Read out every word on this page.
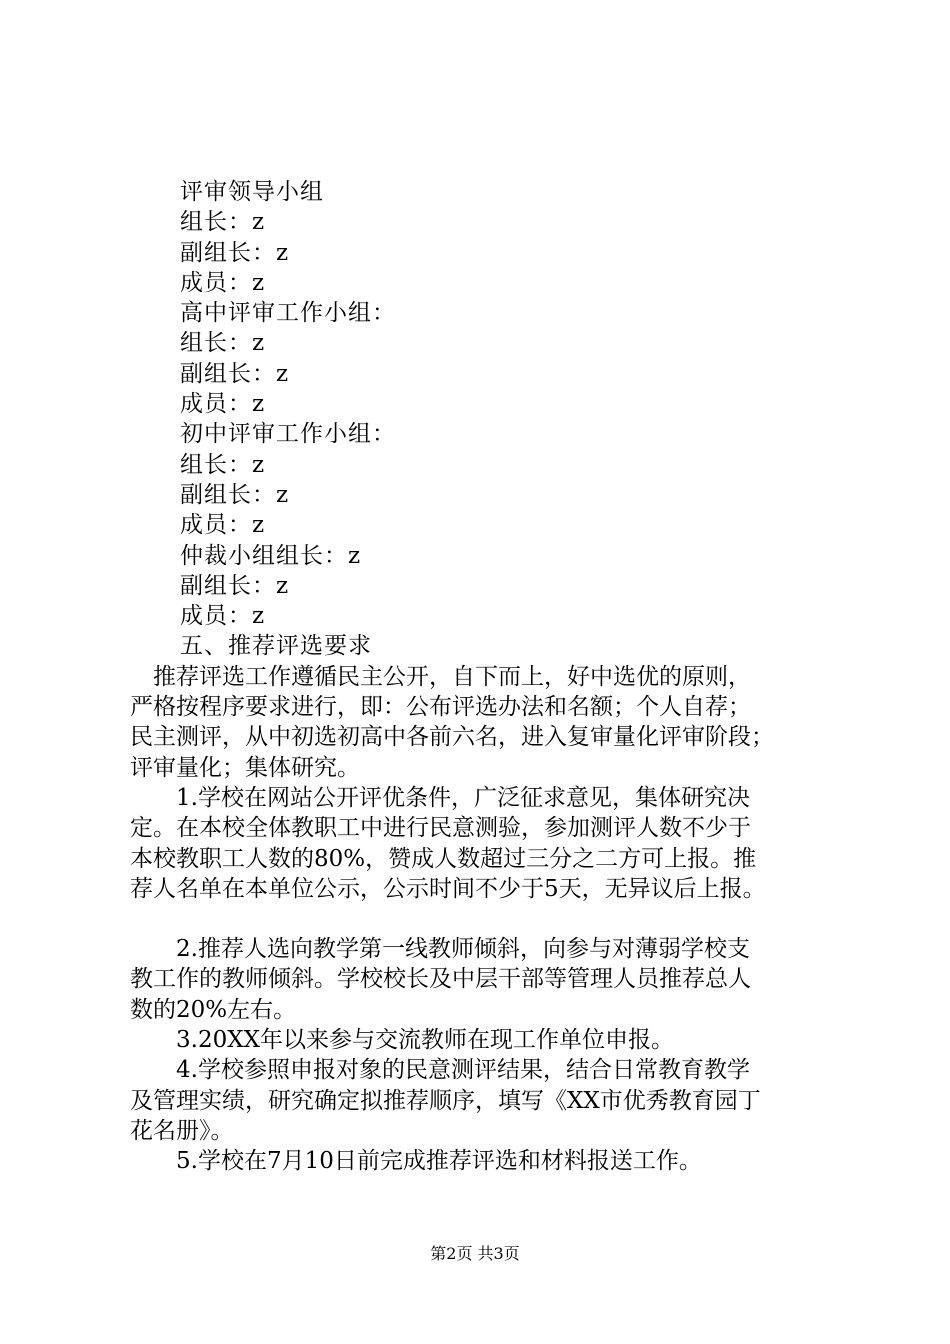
评审领导小组
组长：z
副组长：z
成员：z
高中评审工作小组：
组长：z
副组长：z
成员：z
初中评审工作小组：
组长：z
副组长：z
成员：z
仲裁小组组长：z
副组长：z
成员：z
五、推荐评选要求
　推荐评选工作遵循民主公开，自下而上，好中选优的原则，
严格按程序要求进行，即：公布评选办法和名额；个人自荐；
民主测评，从中初选初高中各前六名，进入复审量化评审阶段；
评审量化；集体研究。
　　1.学校在网站公开评优条件，广泛征求意见，集体研究决
定。在本校全体教职工中进行民意测验，参加测评人数不少于
本校教职工人数的80%，赞成人数超过三分之二方可上报。推
荐人名单在本单位公示，公示时间不少于5天，无异议后上报。
　　2.推荐人选向教学第一线教师倾斜，向参与对薄弱学校支
教工作的教师倾斜。学校校长及中层干部等管理人员推荐总人
数的20%左右。
　　3.20XX年以来参与交流教师在现工作单位申报。
　　4.学校参照申报对象的民意测评结果，结合日常教育教学
及管理实绩，研究确定拟推荐顺序，填写《XX市优秀教育园丁
花名册》。
　　5.学校在7月10日前完成推荐评选和材料报送工作。
第2页 共3页
